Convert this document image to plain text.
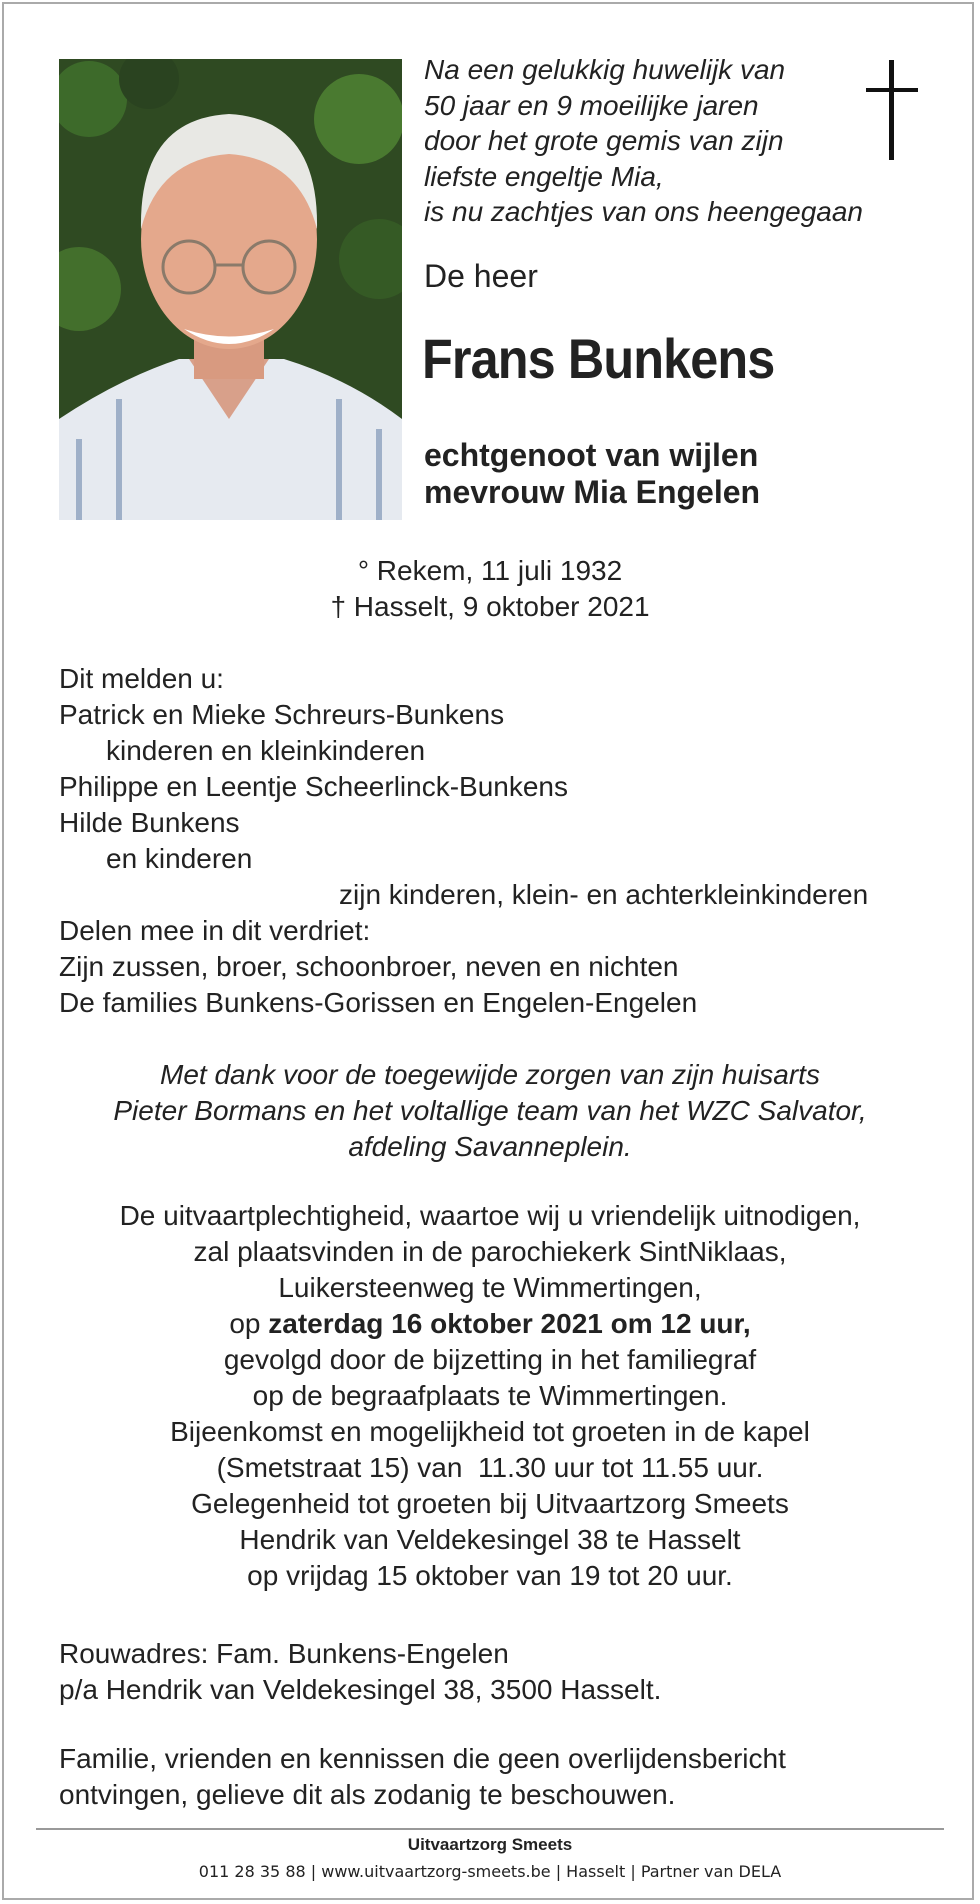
Na een gelukkig huwelijk van
50 jaar en 9 moeilijke jaren
door het grote gemis van zijn
liefste engeltje Mia,
is nu zachtjes van ons heengegaan
De heer
Frans Bunkens
echtgenoot van wijlen
mevrouw Mia Engelen
° Rekem, 11 juli 1932
† Hasselt, 9 oktober 2021
Dit melden u:
Patrick en Mieke Schreurs-Bunkens
kinderen en kleinkinderen
Philippe en Leentje Scheerlinck-Bunkens
Hilde Bunkens
en kinderen
zijn kinderen, klein- en achterkleinkinderen
Delen mee in dit verdriet:
Zijn zussen, broer, schoonbroer, neven en nichten
De families Bunkens-Gorissen en Engelen-Engelen
Met dank voor de toegewijde zorgen van zijn huisarts
Pieter Bormans en het voltallige team van het WZC Salvator,
afdeling Savanneplein.
De uitvaartplechtigheid, waartoe wij u vriendelijk uitnodigen,
zal plaatsvinden in de parochiekerk SintNiklaas,
Luikersteenweg te Wimmertingen,
op zaterdag 16 oktober 2021 om 12 uur,
gevolgd door de bijzetting in het familiegraf
op de begraafplaats te Wimmertingen.
Bijeenkomst en mogelijkheid tot groeten in de kapel
(Smetstraat 15) van  11.30 uur tot 11.55 uur.
Gelegenheid tot groeten bij Uitvaartzorg Smeets
Hendrik van Veldekesingel 38 te Hasselt
op vrijdag 15 oktober van 19 tot 20 uur.
Rouwadres: Fam. Bunkens-Engelen
p/a Hendrik van Veldekesingel 38, 3500 Hasselt.
Familie, vrienden en kennissen die geen overlijdensbericht
ontvingen, gelieve dit als zodanig te beschouwen.
Uitvaartzorg Smeets
011 28 35 88 | www.uitvaartzorg-smeets.be | Hasselt | Partner van DELA
